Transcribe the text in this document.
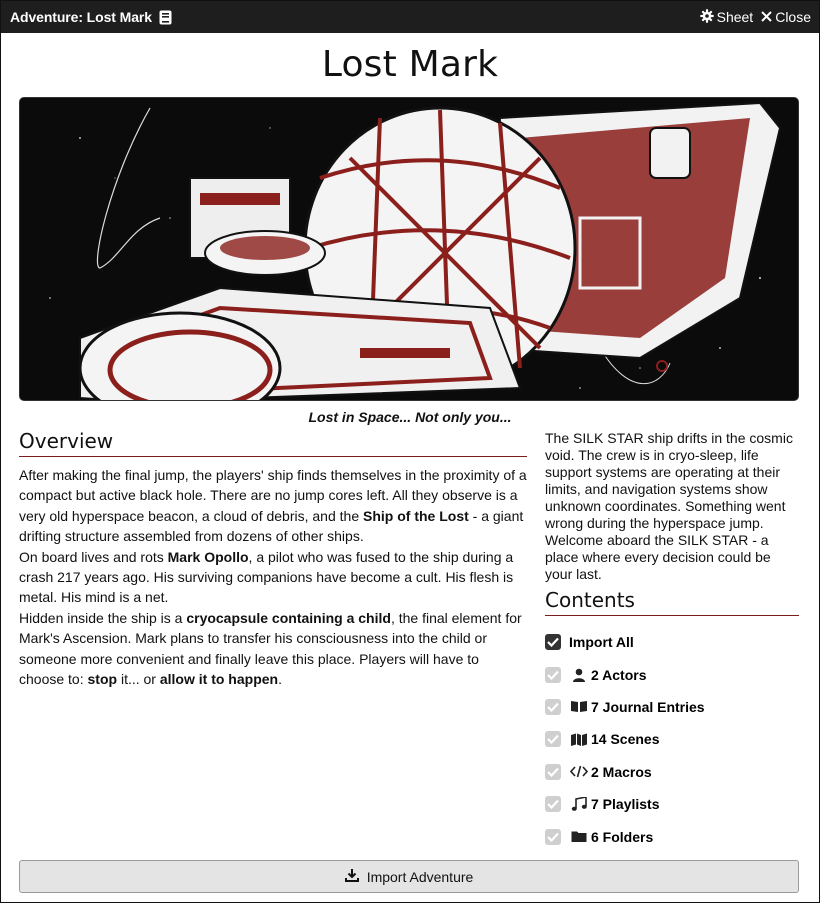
Adventure: Lost Mark	Sheet Close
Lost Mark
Lost in Space... Not only you...
Overview

After making the final jump, the players' ship finds themselves in the proximity of a compact but active black hole. There are no jump cores left. All they observe is a very old hyperspace beacon, a cloud of debris, and the Ship of the Lost - a giant drifting structure assembled from dozens of other ships.

On board lives and rots Mark Opollo, a pilot who was fused to the ship during a crash 217 years ago. His surviving companions have become a cult. His flesh is metal. His mind is a net.

Hidden inside the ship is a cryocapsule containing a child, the final element for Mark's Ascension. Mark plans to transfer his consciousness into the child or someone more convenient and finally leave this place. Players will have to choose to: stop it... or allow it to happen.

The SILK STAR ship drifts in the cosmic void. The crew is in cryo-sleep, life support systems are operating at their limits, and navigation systems show unknown coordinates. Something went wrong during the hyperspace jump. Welcome aboard the SILK STAR - a place where every decision could be your last.

Contents
Import All
2 Actors
7 Journal Entries
14 Scenes
2 Macros
7 Playlists
6 Folders
Import Adventure
